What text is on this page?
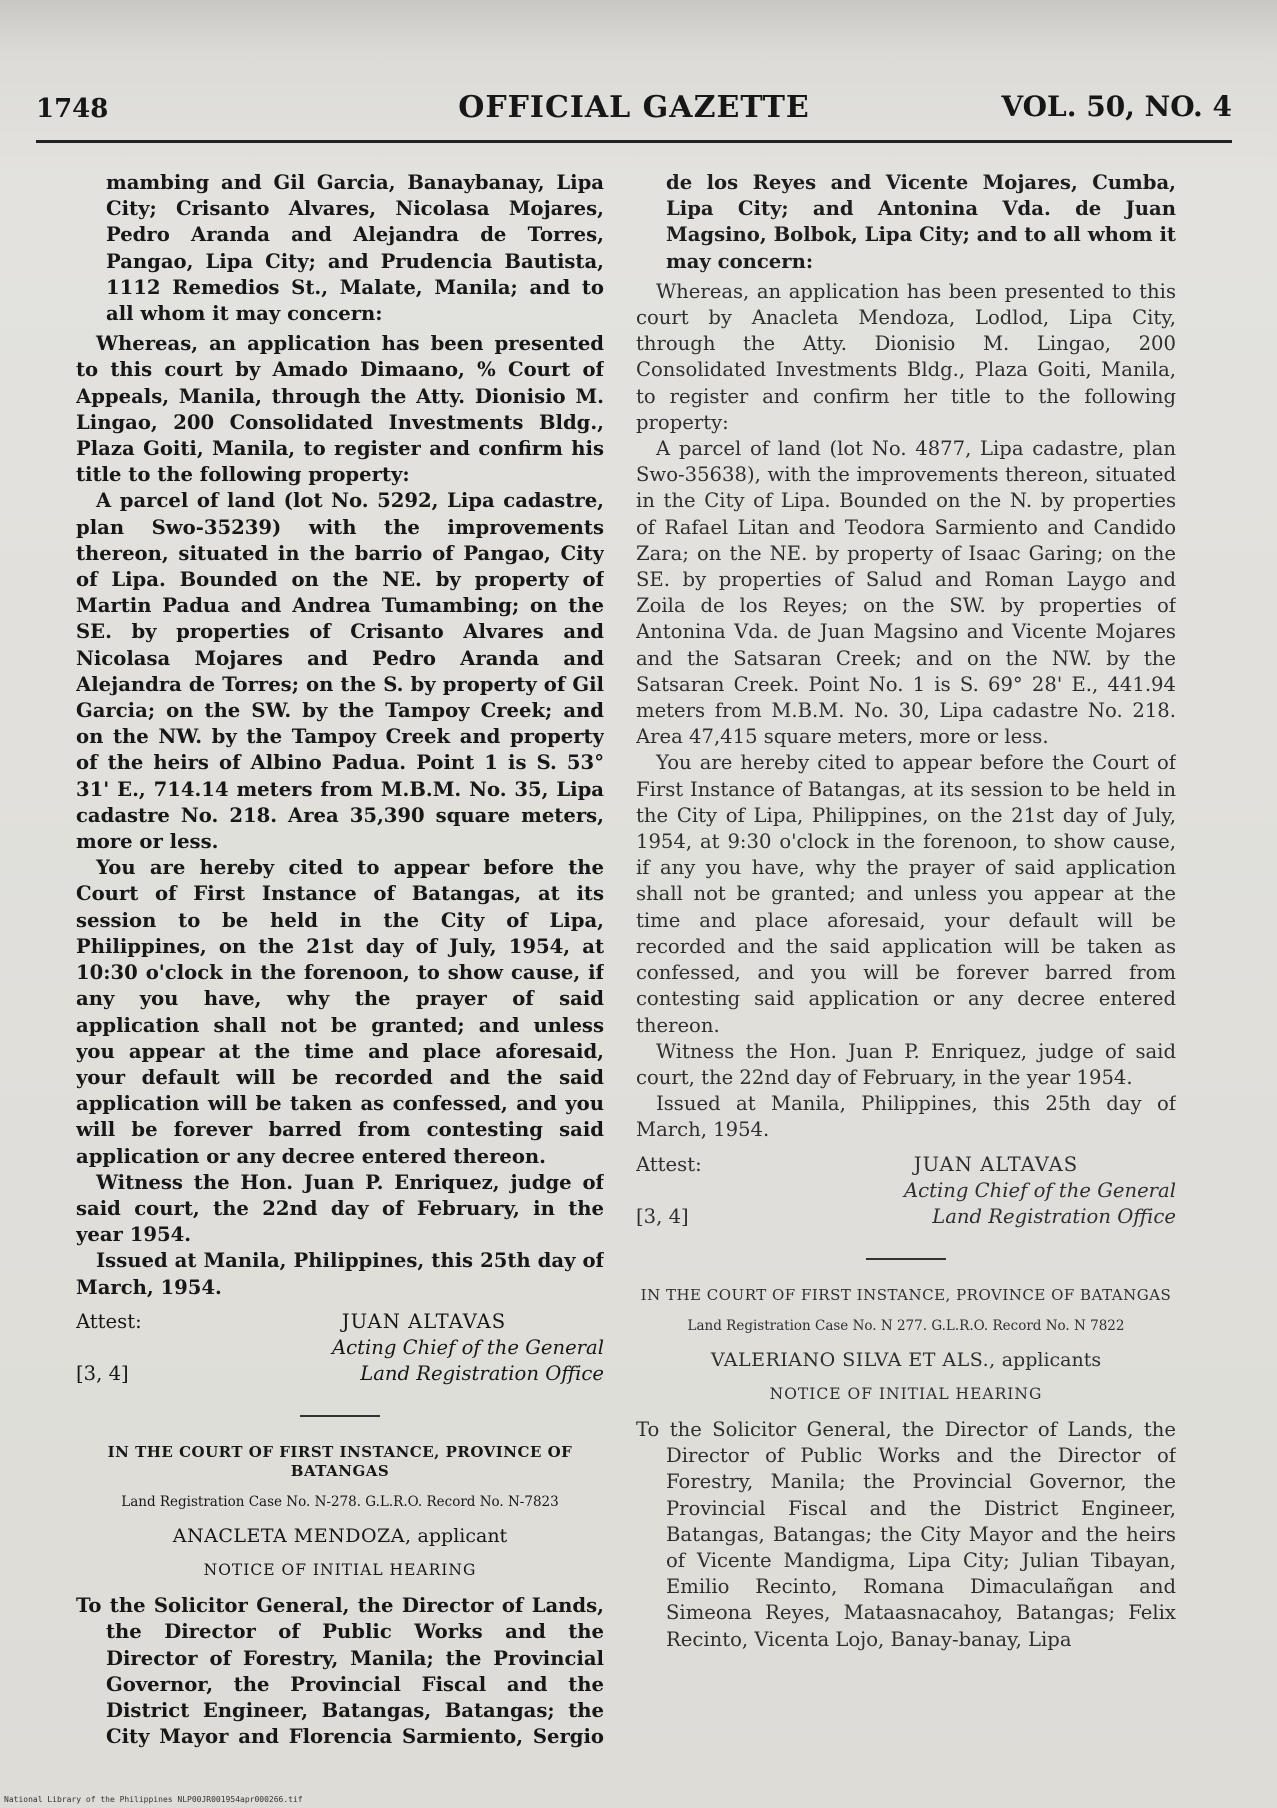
1748	OFFICIAL GAZETTE	VOL. 50, NO. 4
mambing and Gil Garcia, Banaybanay, Lipa City; Crisanto Alvares, Nicolasa Mojares, Pedro Aranda and Alejandra de Torres, Pangao, Lipa City; and Prudencia Bautista, 1112 Remedios St., Malate, Manila; and to all whom it may concern:

Whereas, an application has been presented to this court by Amado Dimaano, % Court of Appeals, Manila, through the Atty. Dionisio M. Lingao, 200 Consolidated Investments Bldg., Plaza Goiti, Manila, to register and confirm his title to the following property:

A parcel of land (lot No. 5292, Lipa cadastre, plan Swo-35239) with the improvements thereon, situated in the barrio of Pangao, City of Lipa. Bounded on the NE. by property of Martin Padua and Andrea Tumambing; on the SE. by properties of Crisanto Alvares and Nicolasa Mojares and Pedro Aranda and Alejandra de Torres; on the S. by property of Gil Garcia; on the SW. by the Tampoy Creek; and on the NW. by the Tampoy Creek and property of the heirs of Albino Padua. Point 1 is S. 53° 31' E., 714.14 meters from M.B.M. No. 35, Lipa cadastre No. 218. Area 35,390 square meters, more or less.

You are hereby cited to appear before the Court of First Instance of Batangas, at its session to be held in the City of Lipa, Philippines, on the 21st day of July, 1954, at 10:30 o'clock in the forenoon, to show cause, if any you have, why the prayer of said application shall not be granted; and unless you appear at the time and place aforesaid, your default will be recorded and the said application will be taken as confessed, and you will be forever barred from contesting said application or any decree entered thereon.

Witness the Hon. Juan P. Enriquez, judge of said court, the 22nd day of February, in the year 1954.

Issued at Manila, Philippines, this 25th day of March, 1954.

Attest:
[3, 4]
JUAN ALTAVAS
Acting Chief of the General
Land Registration Office
IN THE COURT OF FIRST INSTANCE, PROVINCE OF BATANGAS
Land Registration Case No. N-278. G.L.R.O. Record No. N-7823
ANACLETA MENDOZA, applicant
NOTICE OF INITIAL HEARING
To the Solicitor General, the Director of Lands, the Director of Public Works and the Director of Forestry, Manila; the Provincial Governor, the Provincial Fiscal and the District Engineer, Batangas, Batangas; the City Mayor and Florencia Sarmiento, Sergio
de los Reyes and Vicente Mojares, Cumba, Lipa City; and Antonina Vda. de Juan Magsino, Bolbok, Lipa City; and to all whom it may concern:

Whereas, an application has been presented to this court by Anacleta Mendoza, Lodlod, Lipa City, through the Atty. Dionisio M. Lingao, 200 Consolidated Investments Bldg., Plaza Goiti, Manila, to register and confirm her title to the following property:

A parcel of land (lot No. 4877, Lipa cadastre, plan Swo-35638), with the improvements thereon, situated in the City of Lipa. Bounded on the N. by properties of Rafael Litan and Teodora Sarmiento and Candido Zara; on the NE. by property of Isaac Garing; on the SE. by properties of Salud and Roman Laygo and Zoila de los Reyes; on the SW. by properties of Antonina Vda. de Juan Magsino and Vicente Mojares and the Satsaran Creek; and on the NW. by the Satsaran Creek. Point No. 1 is S. 69° 28' E., 441.94 meters from M.B.M. No. 30, Lipa cadastre No. 218. Area 47,415 square meters, more or less.

You are hereby cited to appear before the Court of First Instance of Batangas, at its session to be held in the City of Lipa, Philippines, on the 21st day of July, 1954, at 9:30 o'clock in the forenoon, to show cause, if any you have, why the prayer of said application shall not be granted; and unless you appear at the time and place aforesaid, your default will be recorded and the said application will be taken as confessed, and you will be forever barred from contesting said application or any decree entered thereon.

Witness the Hon. Juan P. Enriquez, judge of said court, the 22nd day of February, in the year 1954.

Issued at Manila, Philippines, this 25th day of March, 1954.

Attest:
[3, 4]
JUAN ALTAVAS
Acting Chief of the General
Land Registration Office
IN THE COURT OF FIRST INSTANCE, PROVINCE OF BATANGAS
Land Registration Case No. N 277. G.L.R.O. Record No. N 7822
VALERIANO SILVA ET ALS., applicants
NOTICE OF INITIAL HEARING
To the Solicitor General, the Director of Lands, the Director of Public Works and the Director of Forestry, Manila; the Provincial Governor, the Provincial Fiscal and the District Engineer, Batangas, Batangas; the City Mayor and the heirs of Vicente Mandigma, Lipa City; Julian Tibayan, Emilio Recinto, Romana Dimaculañgan and Simeona Reyes, Mataasnacahoy, Batangas; Felix Recinto, Vicenta Lojo, Banay-banay, Lipa
National Library of the Philippines NLP00JR001954apr000266.tif
